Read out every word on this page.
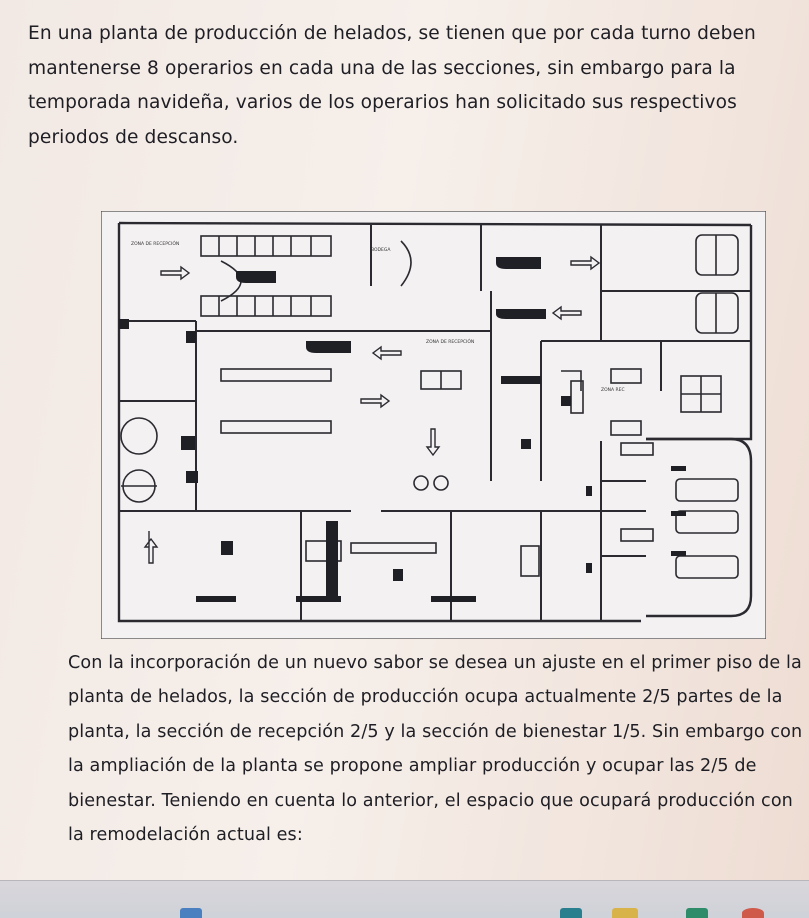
En una planta de producción de helados, se tienen que por cada turno deben mantenerse 8 operarios en cada una de las secciones, sin embargo para la temporada navideña, varios de los operarios han solicitado sus respectivos periodos de descanso.

ZONA DE RECEPCIÓN
BODEGA
ZONA DE RECEPCIÓN
ZONA REC

Con la incorporación de un nuevo sabor se desea un ajuste en el primer piso de la planta de helados, la sección de producción ocupa actualmente 2/5 partes de la planta, la sección de recepción 2/5 y la sección de bienestar 1/5. Sin embargo con la ampliación de la planta se propone ampliar producción y ocupar las 2/5 de bienestar. Teniendo en cuenta lo anterior, el espacio que ocupará producción con la remodelación actual es:
